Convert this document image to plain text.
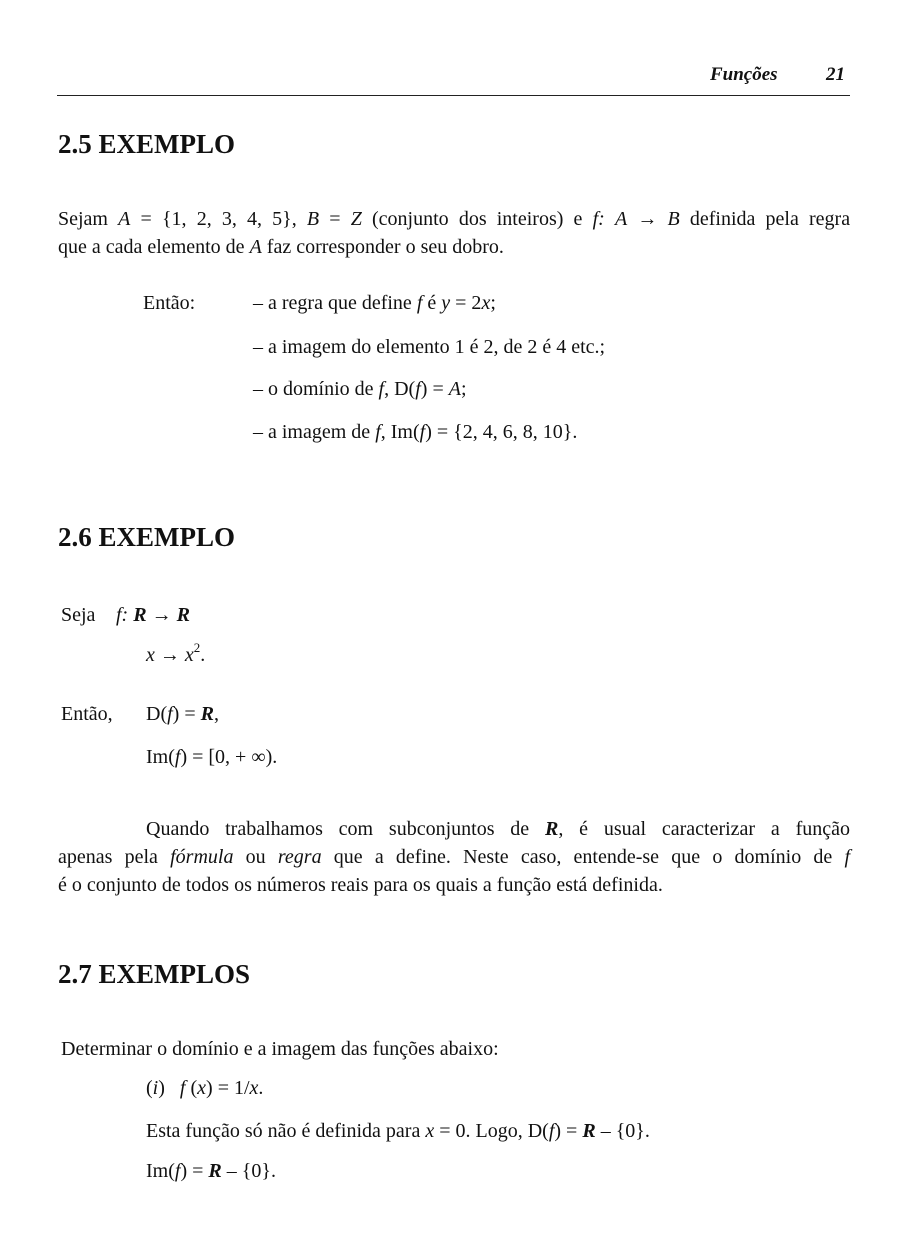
Funções	21
2.5 EXEMPLO
Sejam A = {1, 2, 3, 4, 5}, B = Z (conjunto dos inteiros) e f: A → B definida pela regra
que a cada elemento de A faz corresponder o seu dobro.
Então:	– a regra que define f é y = 2x;
– a imagem do elemento 1 é 2, de 2 é 4 etc.;
– o domínio de f, D(f) = A;
– a imagem de f, Im(f) = {2, 4, 6, 8, 10}.
2.6 EXEMPLO
Seja f: R → R
$x \to x^2$.
Então, D(f) = R,
Im(f) = [0, + ∞).
Quando trabalhamos com subconjuntos de R, é usual caracterizar a função
apenas pela fórmula ou regra que a define. Neste caso, entende-se que o domínio de f
é o conjunto de todos os números reais para os quais a função está definida.
2.7 EXEMPLOS
Determinar o domínio e a imagem das funções abaixo:
(i) f (x) = 1/x.
Esta função só não é definida para x = 0. Logo, D(f) = R – {0}.
Im(f) = R – {0}.
